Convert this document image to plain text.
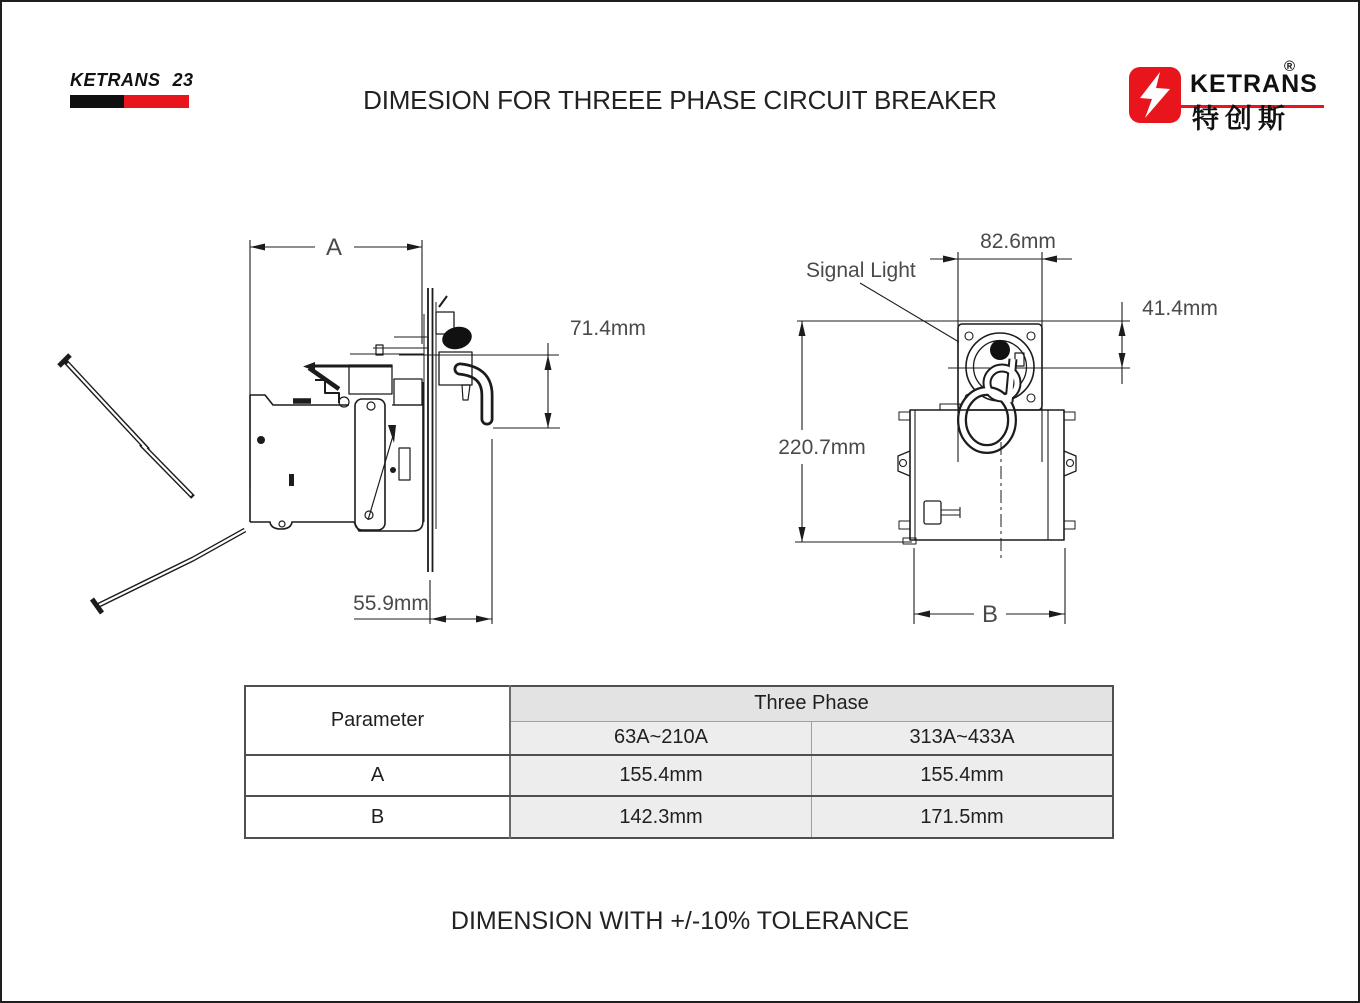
KETRANS 23
DIMESION FOR THREEE PHASE CIRCUIT BREAKER
KETRANS
®
特创斯
A
71.4mm
55.9mm
82.6mm
Signal Light
41.4mm
220.7mm
B
Parameter	Three Phase	
	63A~210A	313A~433A
A	155.4mm	155.4mm
B	142.3mm	171.5mm
DIMENSION WITH +/-10% TOLERANCE
